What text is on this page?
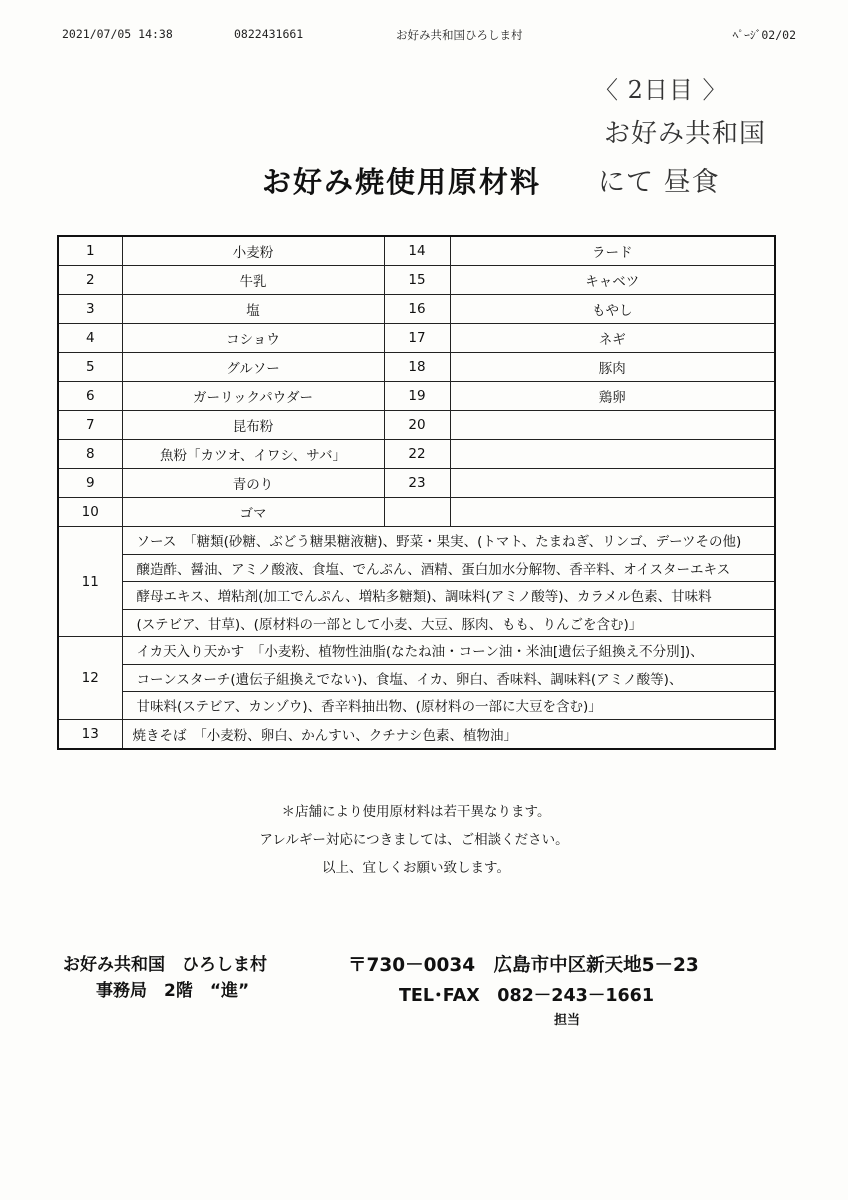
2021/07/05 14:38	0822431661	お好み共和国ひろしま村	ﾍﾟｰｼﾞ02/02
〈 2日目 〉
お好み共和国
にて 昼食
お好み焼使用原材料
1	小麦粉	14	ラード
2	牛乳	15	キャベツ
3	塩	16	もやし
4	コショウ	17	ネギ
5	グルソー	18	豚肉
6	ガーリックパウダー	19	鶏卵
7	昆布粉	20	
8	魚粉「カツオ、イワシ、サバ」	22	
9	青のり	23	
10	ゴマ		
11	ソース　「糖類(砂糖、ぶどう糖果糖液糖)、野菜・果実、(トマト、たまねぎ、リンゴ、デーツその他)		
	醸造酢、醤油、アミノ酸液、食塩、でんぷん、酒精、蛋白加水分解物、香辛料、オイスターエキス		
	酵母エキス、増粘剤(加工でんぷん、増粘多糖類)、調味料(アミノ酸等)、カラメル色素、甘味料		
	(ステビア、甘草)、(原材料の一部として小麦、大豆、豚肉、もも、りんごを含む)」		
12	イカ天入り天かす　「小麦粉、植物性油脂(なたね油・コーン油・米油[遺伝子組換え不分別])、		
	コーンスターチ(遺伝子組換えでない)、食塩、イカ、卵白、香味料、調味料(アミノ酸等)、		
	甘味料(ステビア、カンゾウ)、香辛料抽出物、(原材料の一部に大豆を含む)」		
13	焼きそば　「小麦粉、卵白、かんすい、クチナシ色素、植物油」		
＊店舗により使用原材料は若干異なります。
アレルギー対応につきましては、ご相談ください。
以上、宜しくお願い致します。
お好み共和国　ひろしま村
事務局　2階　“進”
〒730－0034　広島市中区新天地5－23
TEL･FAX　082－243－1661
担当
